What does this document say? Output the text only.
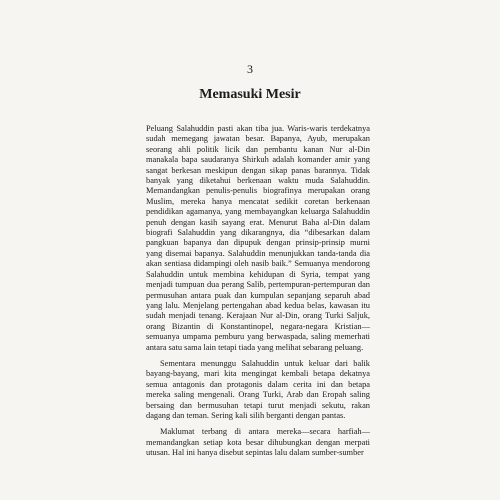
3
Memasuki Mesir

Peluang Salahuddin pasti akan tiba jua. Waris-waris terdekatnya sudah memegang jawatan besar. Bapanya, Ayub, merupakan seorang ahli politik licik dan pembantu kanan Nur al-Din manakala bapa saudaranya Shirkuh adalah komander amir yang sangat berkesan meskipun dengan sikap panas barannya. Tidak banyak yang diketahui berkenaan waktu muda Salahuddin. Memandangkan penulis-penulis biografinya merupakan orang Muslim, mereka hanya mencatat sedikit coretan berkenaan pendidikan agamanya, yang membayangkan keluarga Salahuddin penuh dengan kasih sayang erat. Menurut Baha al-Din dalam biografi Salahuddin yang dikarangnya, dia “dibesarkan dalam pangkuan bapanya dan dipupuk dengan prinsip-prinsip murni yang disemai bapanya. Salahuddin menunjukkan tanda-tanda dia akan sentiasa didampingi oleh nasib baik.” Semuanya mendorong Salahuddin untuk membina kehidupan di Syria, tempat yang menjadi tumpuan dua perang Salib, pertempuran-pertempuran dan permusuhan antara puak dan kumpulan sepanjang separuh abad yang lalu. Menjelang pertengahan abad kedua belas, kawasan itu sudah menjadi tenang. Kerajaan Nur al-Din, orang Turki Saljuk, orang Bizantin di Konstantinopel, negara-negara Kristian—semuanya umpama pemburu yang berwaspada, saling memerhati antara satu sama lain tetapi tiada yang melihat sebarang peluang.

Sementara menunggu Salahuddin untuk keluar dari balik bayang-bayang, mari kita mengingat kembali betapa dekatnya semua antagonis dan protagonis dalam cerita ini dan betapa mereka saling mengenali. Orang Turki, Arab dan Eropah saling bersaing dan bermusuhan tetapi turut menjadi sekutu, rakan dagang dan teman. Sering kali silih berganti dengan pantas.

Maklumat terbang di antara mereka—secara harfiah—memandangkan setiap kota besar dihubungkan dengan merpati utusan. Hal ini hanya disebut sepintas lalu dalam sumber-sumber
